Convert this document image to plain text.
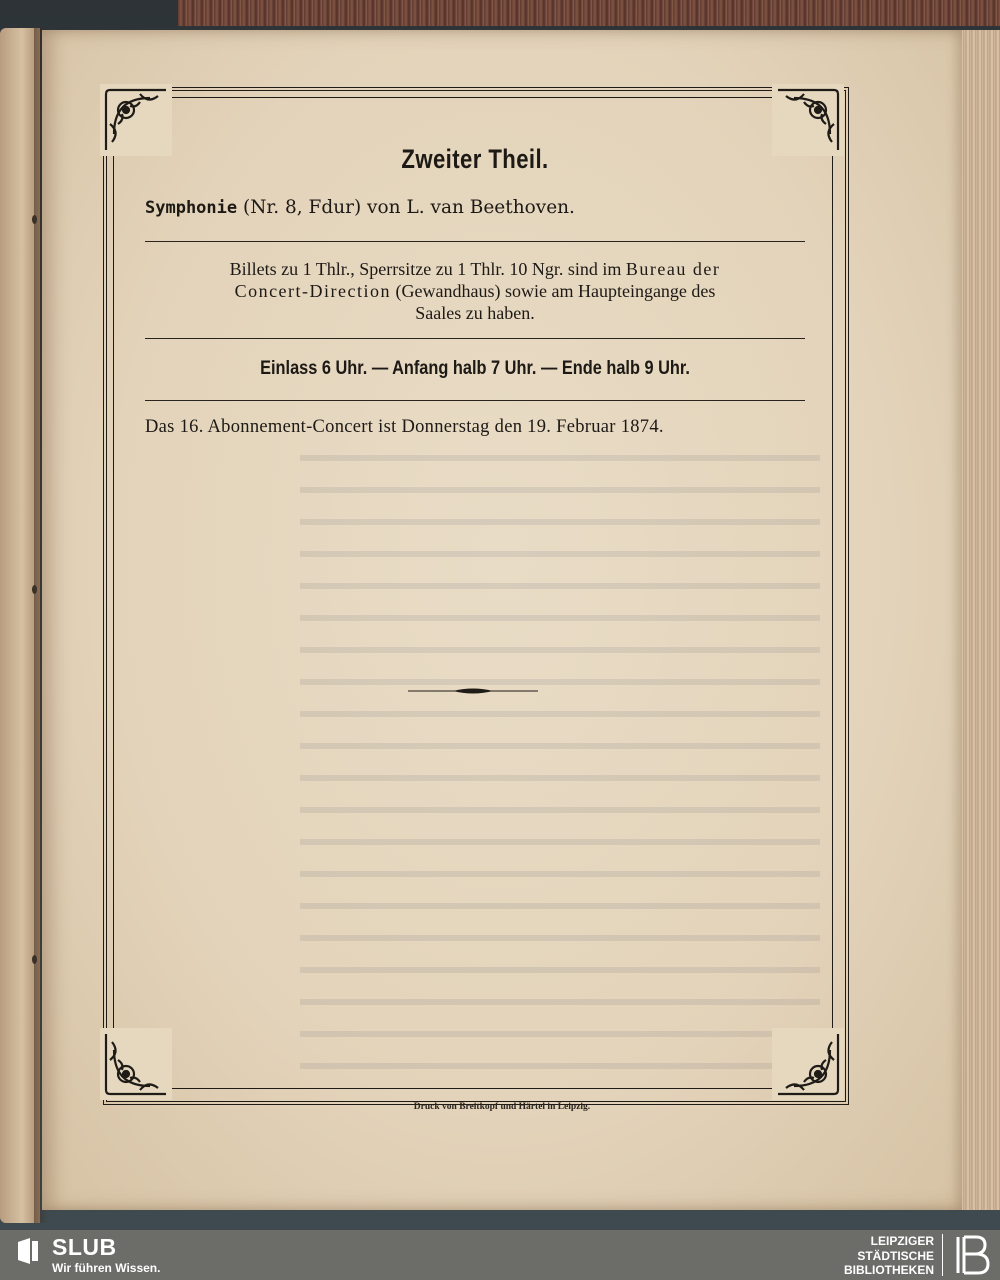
Zweiter Theil.
Symphonie (Nr. 8, Fdur) von L. van Beethoven.
Billets zu 1 Thlr., Sperrsitze zu 1 Thlr. 10 Ngr. sind im Bureau der
Concert-Direction (Gewandhaus) sowie am Haupteingange des
Saales zu haben.
Einlass 6 Uhr. — Anfang halb 7 Uhr. — Ende halb 9 Uhr.
Das 16. Abonnement-Concert ist Donnerstag den 19. Februar 1874.
Druck von Breitkopf und Härtel in Leipzig.
SLUB
Wir führen Wissen.
LEIPZIGER
STÄDTISCHE
BIBLIOTHEKEN
